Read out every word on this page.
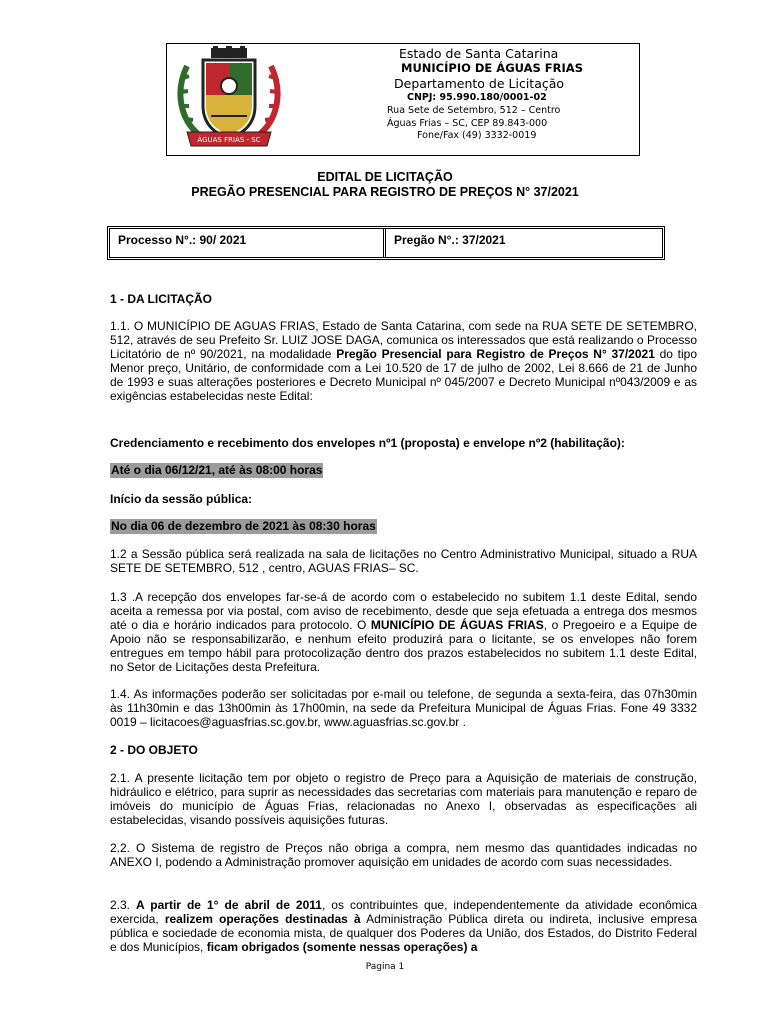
ÁGUAS FRIAS - SC
Estado de Santa Catarina
MUNICÍPIO DE ÁGUAS FRIAS
Departamento de Licitação
CNPJ: 95.990.180/0001-02
Rua Sete de Setembro, 512 – Centro
Águas Frias – SC, CEP 89.843-000
Fone/Fax (49) 3332-0019
EDITAL DE LICITAÇÃO
PREGÃO PRESENCIAL PARA REGISTRO DE PREÇOS N° 37/2021
Processo N°.: 90/ 2021	Pregão N°.: 37/2021
1 - DA LICITAÇÃO
1.1. O MUNICÍPIO DE AGUAS FRIAS, Estado de Santa Catarina, com sede na RUA SETE DE SETEMBRO, 512, através de seu Prefeito Sr. LUIZ JOSE DAGA, comunica os interessados que está realizando o Processo Licitatório de nº 90/2021, na modalidade Pregão Presencial para Registro de Preços N° 37/2021 do tipo Menor preço, Unitário, de conformidade com a Lei 10.520 de 17 de julho de 2002, Lei 8.666 de 21 de Junho de 1993 e suas alterações posteriores e Decreto Municipal nº 045/2007 e Decreto Municipal nº043/2009 e as exigências estabelecidas neste Edital:
Credenciamento e recebimento dos envelopes nº1 (proposta) e envelope nº2 (habilitação):
Até o dia 06/12/21, até às 08:00 horas
Início da sessão pública:
No dia 06 de dezembro de 2021 às 08:30 horas
1.2 a Sessão pública será realizada na sala de licitações no Centro Administrativo Municipal, situado a RUA SETE DE SETEMBRO, 512 , centro, AGUAS FRIAS– SC.
1.3 .A recepção dos envelopes far-se-á de acordo com o estabelecido no subitem 1.1 deste Edital, sendo aceita a remessa por via postal, com aviso de recebimento, desde que seja efetuada a entrega dos mesmos até o dia e horário indicados para protocolo. O MUNICÍPIO DE ÁGUAS FRIAS, o Pregoeiro e a Equipe de Apoio não se responsabilizarão, e nenhum efeito produzirá para o licitante, se os envelopes não forem entregues em tempo hábil para protocolização dentro dos prazos estabelecidos no subitem 1.1 deste Edital, no Setor de Licitações desta Prefeitura.
1.4. As informações poderão ser solicitadas por e-mail ou telefone, de segunda a sexta-feira, das 07h30min às 11h30min e das 13h00min às 17h00min, na sede da Prefeitura Municipal de Águas Frias. Fone 49 3332 0019 – licitacoes@aguasfrias.sc.gov.br, www.aguasfrias.sc.gov.br .
2 - DO OBJETO
2.1. A presente licitação tem por objeto o registro de Preço para a Aquisição de materiais de construção, hidráulico e elétrico, para suprir as necessidades das secretarias com materiais para manutenção e reparo de imóveis do município de Águas Frias, relacionadas no Anexo I, observadas as especificações ali estabelecidas, visando possíveis aquisições futuras.
2.2. O Sistema de registro de Preços não obriga a compra, nem mesmo das quantidades indicadas no ANEXO I, podendo a Administração promover aquisição em unidades de acordo com suas necessidades.
2.3. A partir de 1° de abril de 2011, os contribuintes que, independentemente da atividade econômica exercida, realizem operações destinadas à Administração Pública direta ou indireta, inclusive empresa pública e sociedade de economia mista, de qualquer dos Poderes da União, dos Estados, do Distrito Federal e dos Municípios, ficam obrigados (somente nessas operações) a
Pagina 1
